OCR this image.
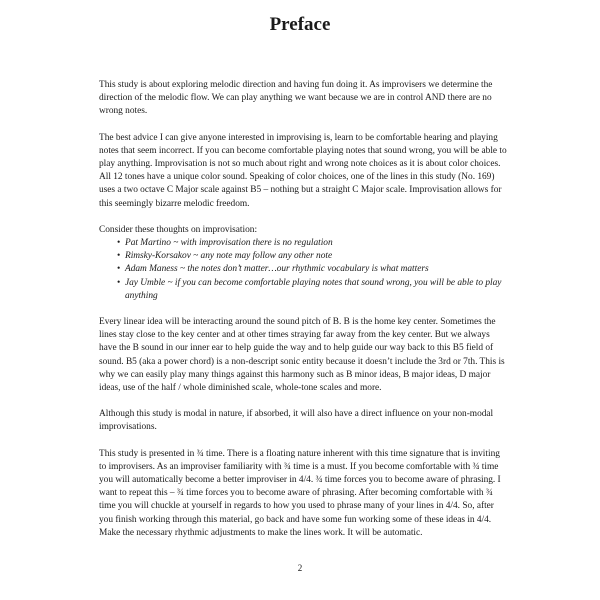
Preface

This study is about exploring melodic direction and having fun doing it. As improvisers we determine the direction of the melodic flow. We can play anything we want because we are in control AND there are no wrong notes.

The best advice I can give anyone interested in improvising is, learn to be comfortable hearing and playing notes that seem incorrect. If you can become comfortable playing notes that sound wrong, you will be able to play anything. Improvisation is not so much about right and wrong note choices as it is about color choices. All 12 tones have a unique color sound. Speaking of color choices, one of the lines in this study (No. 169) uses a two octave C Major scale against B5 – nothing but a straight C Major scale. Improvisation allows for this seemingly bizarre melodic freedom.

Consider these thoughts on improvisation:

• Pat Martino ~ with improvisation there is no regulation
• Rimsky-Korsakov ~ any note may follow any other note
• Adam Maness ~ the notes don’t matter…our rhythmic vocabulary is what matters
• Jay Umble ~ if you can become comfortable playing notes that sound wrong, you will be able to play anything

Every linear idea will be interacting around the sound pitch of B. B is the home key center. Sometimes the lines stay close to the key center and at other times straying far away from the key center. But we always have the B sound in our inner ear to help guide the way and to help guide our way back to this B5 field of sound. B5 (aka a power chord) is a non-descript sonic entity because it doesn’t include the 3rd or 7th. This is why we can easily play many things against this harmony such as B minor ideas, B major ideas, D major ideas, use of the half / whole diminished scale, whole-tone scales and more.

Although this study is modal in nature, if absorbed, it will also have a direct influence on your non-modal improvisations.

This study is presented in ¾ time. There is a floating nature inherent with this time signature that is inviting to improvisers. As an improviser familiarity with ¾ time is a must. If you become comfortable with ¾ time you will automatically become a better improviser in 4/4. ¾ time forces you to become aware of phrasing. I want to repeat this – ¾ time forces you to become aware of phrasing. After becoming comfortable with ¾ time you will chuckle at yourself in regards to how you used to phrase many of your lines in 4/4. So, after you finish working through this material, go back and have some fun working some of these ideas in 4/4. Make the necessary rhythmic adjustments to make the lines work. It will be automatic.

2
